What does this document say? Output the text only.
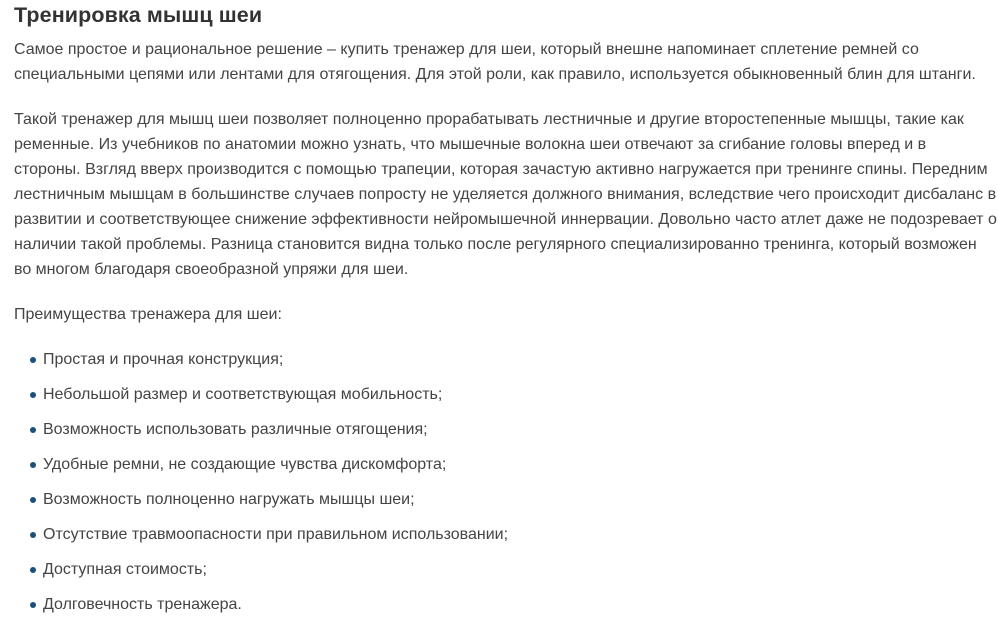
Тренировка мышц шеи

Самое простое и рациональное решение – купить тренажер для шеи, который внешне напоминает сплетение ремней со
специальными цепями или лентами для отягощения. Для этой роли, как правило, используется обыкновенный блин для штанги.

Такой тренажер для мышц шеи позволяет полноценно прорабатывать лестничные и другие второстепенные мышцы, такие как
ременные. Из учебников по анатомии можно узнать, что мышечные волокна шеи отвечают за сгибание головы вперед и в
стороны. Взгляд вверх производится с помощью трапеции, которая зачастую активно нагружается при тренинге спины. Передним
лестничным мышцам в большинстве случаев попросту не уделяется должного внимания, вследствие чего происходит дисбаланс в
развитии и соответствующее снижение эффективности нейромышечной иннервации. Довольно часто атлет даже не подозревает о
наличии такой проблемы. Разница становится видна только после регулярного специализированно тренинга, который возможен
во многом благодаря своеобразной упряжи для шеи.

Преимущества тренажера для шеи:

Простая и прочная конструкция;
Небольшой размер и соответствующая мобильность;
Возможность использовать различные отягощения;
Удобные ремни, не создающие чувства дискомфорта;
Возможность полноценно нагружать мышцы шеи;
Отсутствие травмоопасности при правильном использовании;
Доступная стоимость;
Долговечность тренажера.
